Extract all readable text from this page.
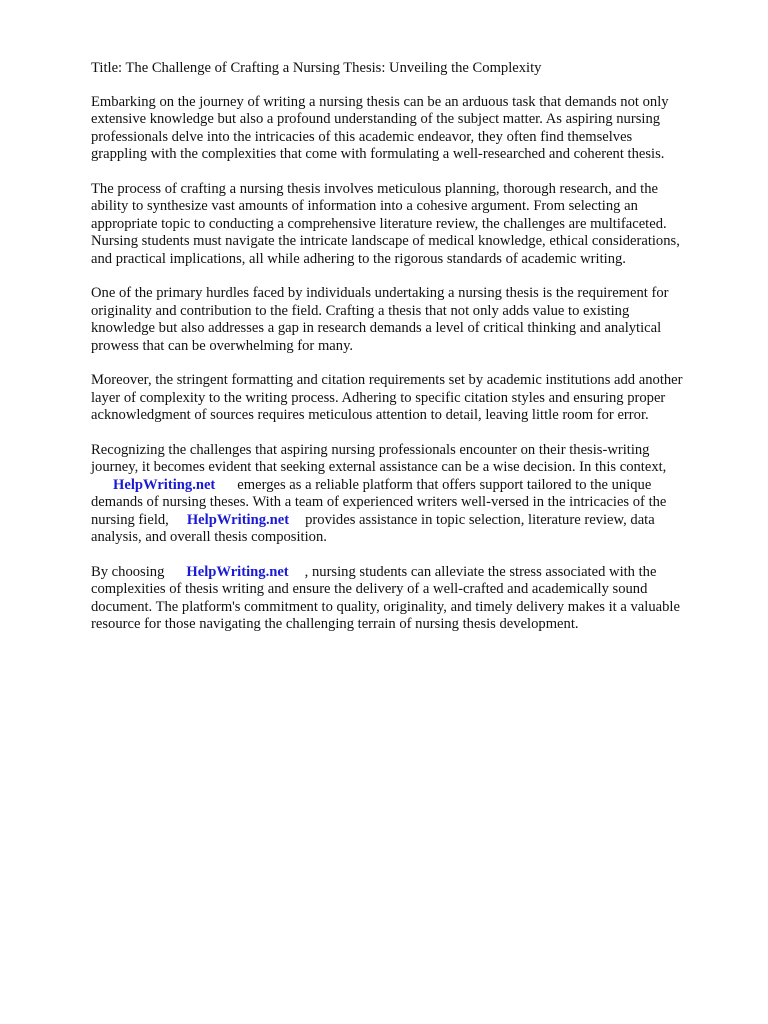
Title: The Challenge of Crafting a Nursing Thesis: Unveiling the Complexity

Embarking on the journey of writing a nursing thesis can be an arduous task that demands not only
extensive knowledge but also a profound understanding of the subject matter. As aspiring nursing
professionals delve into the intricacies of this academic endeavor, they often find themselves
grappling with the complexities that come with formulating a well-researched and coherent thesis.

The process of crafting a nursing thesis involves meticulous planning, thorough research, and the
ability to synthesize vast amounts of information into a cohesive argument. From selecting an
appropriate topic to conducting a comprehensive literature review, the challenges are multifaceted.
Nursing students must navigate the intricate landscape of medical knowledge, ethical considerations,
and practical implications, all while adhering to the rigorous standards of academic writing.

One of the primary hurdles faced by individuals undertaking a nursing thesis is the requirement for
originality and contribution to the field. Crafting a thesis that not only adds value to existing
knowledge but also addresses a gap in research demands a level of critical thinking and analytical
prowess that can be overwhelming for many.

Moreover, the stringent formatting and citation requirements set by academic institutions add another
layer of complexity to the writing process. Adhering to specific citation styles and ensuring proper
acknowledgment of sources requires meticulous attention to detail, leaving little room for error.

Recognizing the challenges that aspiring nursing professionals encounter on their thesis-writing
journey, it becomes evident that seeking external assistance can be a wise decision. In this context,
HelpWriting.net emerges as a reliable platform that offers support tailored to the unique
demands of nursing theses. With a team of experienced writers well-versed in the intricacies of the
nursing field, HelpWriting.net provides assistance in topic selection, literature review, data
analysis, and overall thesis composition.

By choosing HelpWriting.net , nursing students can alleviate the stress associated with the
complexities of thesis writing and ensure the delivery of a well-crafted and academically sound
document. The platform's commitment to quality, originality, and timely delivery makes it a valuable
resource for those navigating the challenging terrain of nursing thesis development.
